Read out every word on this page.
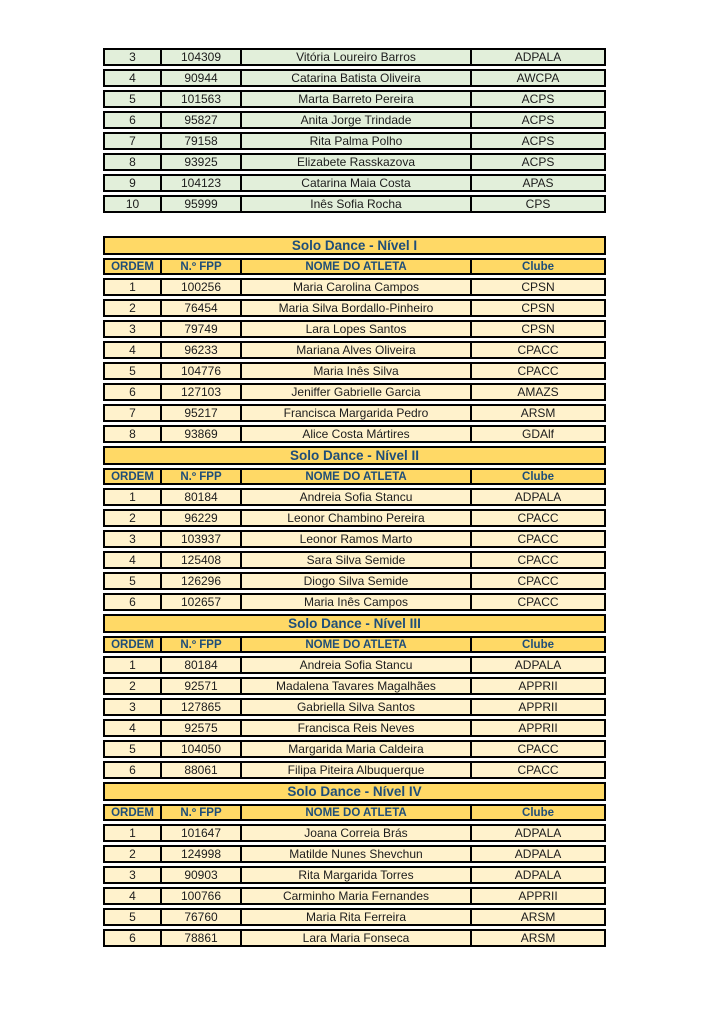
3	104309	Vitória Loureiro Barros	ADPALA
4	90944	Catarina Batista Oliveira	AWCPA
5	101563	Marta Barreto Pereira	ACPS
6	95827	Anita Jorge Trindade	ACPS
7	79158	Rita Palma Polho	ACPS
8	93925	Elizabete Rasskazova	ACPS
9	104123	Catarina Maia Costa	APAS
10	95999	Inês Sofia Rocha	CPS
Solo Dance - Nível I			
ORDEM	N.º FPP	NOME DO ATLETA	Clube
1	100256	Maria Carolina Campos	CPSN
2	76454	Maria Silva Bordallo-Pinheiro	CPSN
3	79749	Lara Lopes Santos	CPSN
4	96233	Mariana Alves Oliveira	CPACC
5	104776	Maria Inês Silva	CPACC
6	127103	Jeniffer Gabrielle Garcia	AMAZS
7	95217	Francisca Margarida Pedro	ARSM
8	93869	Alice Costa Mártires	GDAlf
Solo Dance - Nível II			
ORDEM	N.º FPP	NOME DO ATLETA	Clube
1	80184	Andreia Sofia Stancu	ADPALA
2	96229	Leonor Chambino Pereira	CPACC
3	103937	Leonor Ramos Marto	CPACC
4	125408	Sara Silva Semide	CPACC
5	126296	Diogo Silva Semide	CPACC
6	102657	Maria Inês Campos	CPACC
Solo Dance - Nível III			
ORDEM	N.º FPP	NOME DO ATLETA	Clube
1	80184	Andreia Sofia Stancu	ADPALA
2	92571	Madalena Tavares Magalhães	APPRII
3	127865	Gabriella Silva Santos	APPRII
4	92575	Francisca Reis Neves	APPRII
5	104050	Margarida Maria Caldeira	CPACC
6	88061	Filipa Piteira Albuquerque	CPACC
Solo Dance - Nível IV			
ORDEM	N.º FPP	NOME DO ATLETA	Clube
1	101647	Joana Correia Brás	ADPALA
2	124998	Matilde Nunes Shevchun	ADPALA
3	90903	Rita Margarida Torres	ADPALA
4	100766	Carminho Maria Fernandes	APPRII
5	76760	Maria Rita Ferreira	ARSM
6	78861	Lara Maria Fonseca	ARSM
